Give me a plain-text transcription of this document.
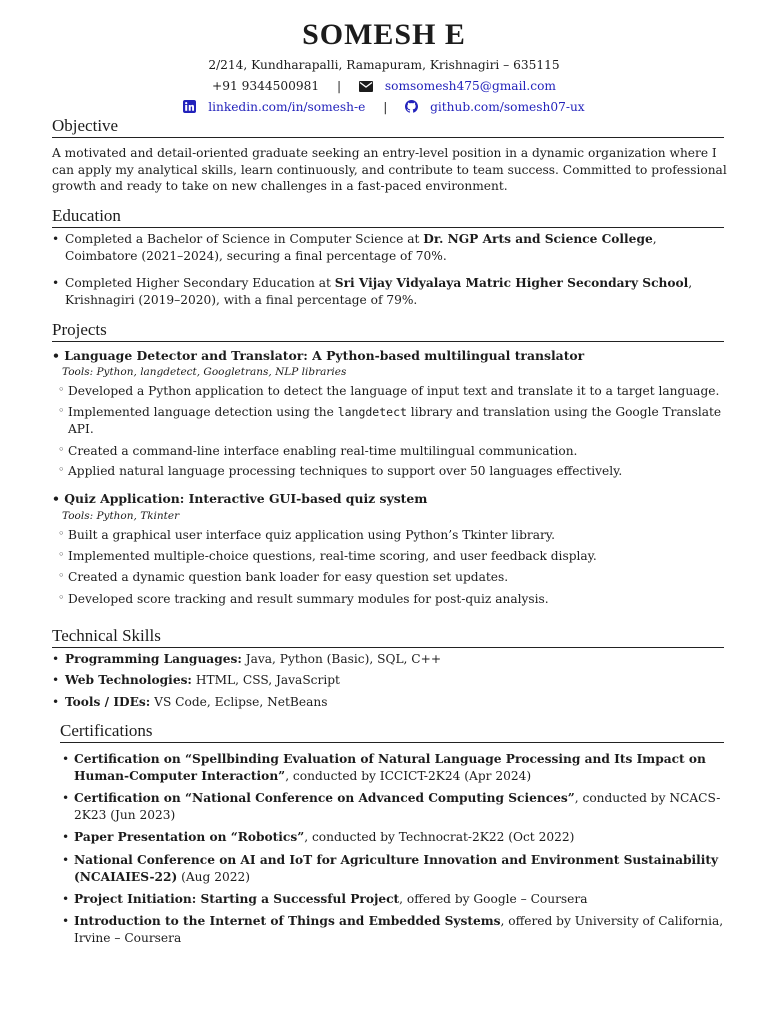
SOMESH E
2/214, Kundharapalli, Ramapuram, Krishnagiri – 635115
+91 9344500981 |	somsomesh475@gmail.com
linkedin.com/in/somesh-e |	github.com/somesh07-ux
Objective
A motivated and detail-oriented graduate seeking an entry-level position in a dynamic organization where I can apply my analytical skills, learn continuously, and contribute to team success. Committed to professional growth and ready to take on new challenges in a fast-paced environment.
Education
• Completed a Bachelor of Science in Computer Science at Dr. NGP Arts and Science College, Coimbatore (2021–2024), securing a final percentage of 70%.
• Completed Higher Secondary Education at Sri Vijay Vidyalaya Matric Higher Secondary School, Krishnagiri (2019–2020), with a final percentage of 79%.
Projects
• Language Detector and Translator: A Python-based multilingual translator
Tools: Python, langdetect, Googletrans, NLP libraries
◦ Developed a Python application to detect the language of input text and translate it to a target language.
◦ Implemented language detection using the langdetect library and translation using the Google Translate API.
◦ Created a command-line interface enabling real-time multilingual communication.
◦ Applied natural language processing techniques to support over 50 languages effectively.
• Quiz Application: Interactive GUI-based quiz system
Tools: Python, Tkinter
◦ Built a graphical user interface quiz application using Python’s Tkinter library.
◦ Implemented multiple-choice questions, real-time scoring, and user feedback display.
◦ Created a dynamic question bank loader for easy question set updates.
◦ Developed score tracking and result summary modules for post-quiz analysis.
Technical Skills
• Programming Languages: Java, Python (Basic), SQL, C++
• Web Technologies: HTML, CSS, JavaScript
• Tools / IDEs: VS Code, Eclipse, NetBeans
Certifications
• Certification on “Spellbinding Evaluation of Natural Language Processing and Its Impact on Human-Computer Interaction”, conducted by ICCICT-2K24 (Apr 2024)
• Certification on “National Conference on Advanced Computing Sciences”, conducted by NCACS-2K23 (Jun 2023)
• Paper Presentation on “Robotics”, conducted by Technocrat-2K22 (Oct 2022)
• National Conference on AI and IoT for Agriculture Innovation and Environment Sustainability (NCAIAIES-22) (Aug 2022)
• Project Initiation: Starting a Successful Project, offered by Google – Coursera
• Introduction to the Internet of Things and Embedded Systems, offered by University of California, Irvine – Coursera
